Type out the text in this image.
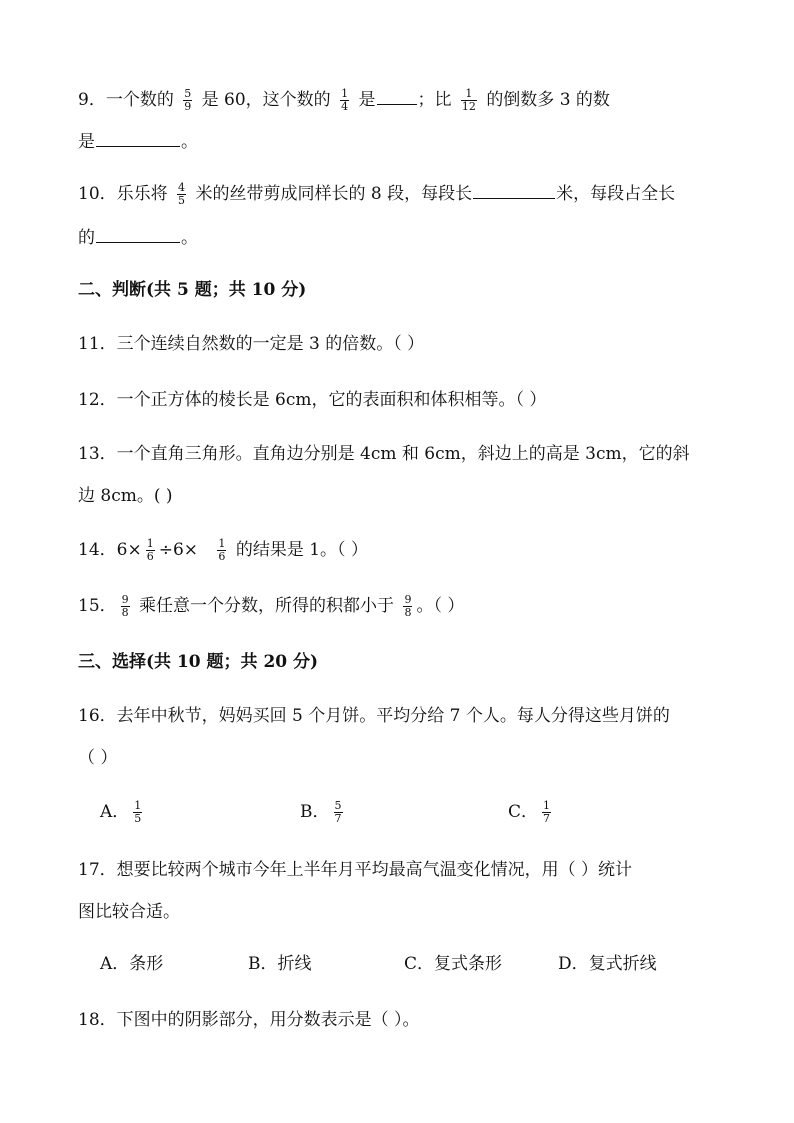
9．一个数的 $\frac{5}{9}$ 是 60，这个数的 $\frac{1}{4}$ 是 ；比 $\frac{1}{12}$ 的倒数多 3 的数
是	。
10．乐乐将 $\frac{4}{5}$ 米的丝带剪成同样长的 8 段，每段长	米，每段占全长
的	。
二、判断(共 5 题；共 10 分)
11．三个连续自然数的一定是 3 的倍数。（ ）
12．一个正方体的棱长是 6cm，它的表面积和体积相等。（ ）
13．一个直角三角形。直角边分别是 4cm 和 6cm，斜边上的高是 3cm，它的斜
边 8cm。( )
14．$6\times \frac{1}{6} \div 6\times \frac{1}{6}$ 的结果是 1。（ ）
15． $\frac{9}{8}$ 乘任意一个分数，所得的积都小于 $\frac{9}{8}$ 。（ ）
三、选择(共 10 题；共 20 分)
16．去年中秋节，妈妈买回 5 个月饼。平均分给 7 个人。每人分得这些月饼的
（ ）
A． $\frac{1}{5}$	B． $\frac{5}{7}$	C． $\frac{1}{7}$
17．想要比较两个城市今年上半年月平均最高气温变化情况，用（ ）统计
图比较合适。
A．条形	B．折线	C．复式条形	D．复式折线
18．下图中的阴影部分，用分数表示是（ ）。
